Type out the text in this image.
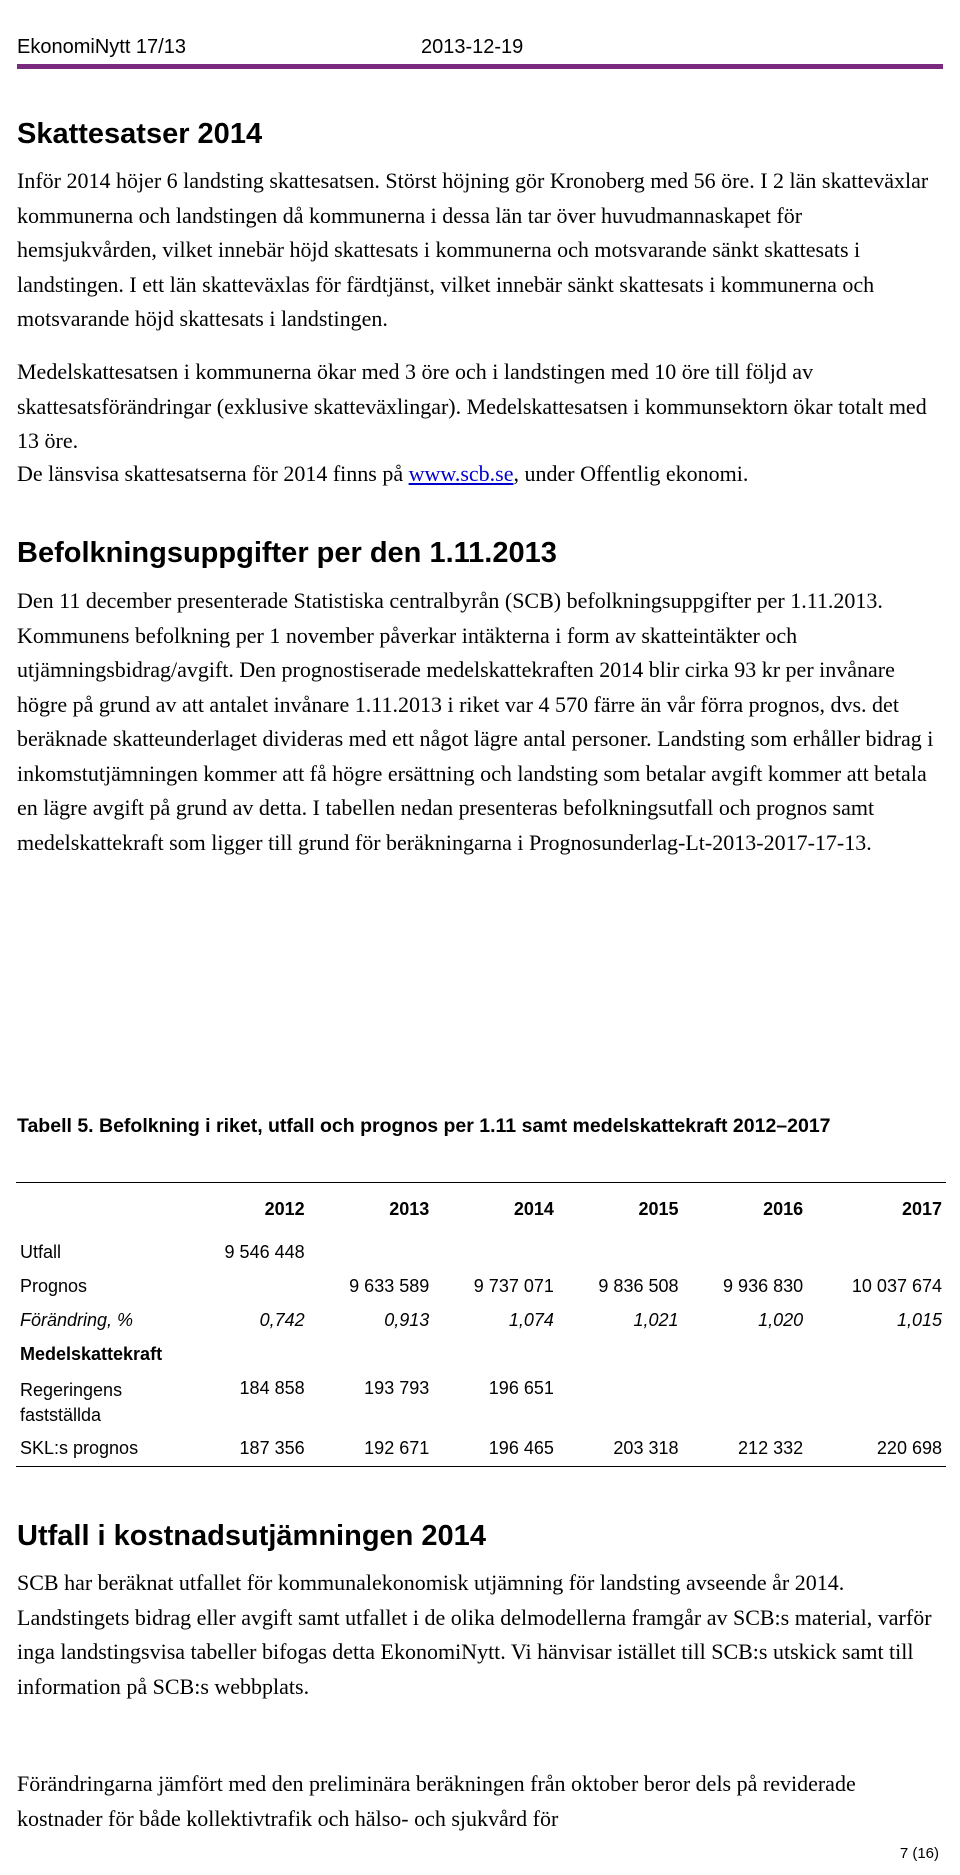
EkonomiNytt 17/13	2013-12-19
Skattesatser 2014

Inför 2014 höjer 6 landsting skattesatsen. Störst höjning gör Kronoberg med 56 öre. I 2 län skatteväxlar kommunerna och landstingen då kommunerna i dessa län tar över huvudmannaskapet för hemsjukvården, vilket innebär höjd skattesats i kommunerna och motsvarande sänkt skattesats i landstingen. I ett län skatteväxlas för färdtjänst, vilket innebär sänkt skattesats i kommunerna och motsvarande höjd skattesats i landstingen.

Medelskattesatsen i kommunerna ökar med 3 öre och i landstingen med 10 öre till följd av skattesatsförändringar (exklusive skatteväxlingar). Medelskattesatsen i kommunsektorn ökar totalt med 13 öre.

De länsvisa skattesatserna för 2014 finns på www.scb.se, under Offentlig ekonomi.

Befolkningsuppgifter per den 1.11.2013

Den 11 december presenterade Statistiska centralbyrån (SCB) befolkningsuppgifter per 1.11.2013. Kommunens befolkning per 1 november påverkar intäkterna i form av skatteintäkter och utjämningsbidrag/avgift. Den prognostiserade medelskattekraften 2014 blir cirka 93 kr per invånare högre på grund av att antalet invånare 1.11.2013 i riket var 4 570 färre än vår förra prognos, dvs. det beräknade skatteunderlaget divideras med ett något lägre antal personer. Landsting som erhåller bidrag i inkomstutjämningen kommer att få högre ersättning och landsting som betalar avgift kommer att betala en lägre avgift på grund av detta. I tabellen nedan presenteras befolkningsutfall och prognos samt medelskattekraft som ligger till grund för beräkningarna i Prognosunderlag-Lt-2013-2017-17-13.

Tabell 5. Befolkning i riket, utfall och prognos per 1.11 samt medelskattekraft 2012–2017
	2012	2013	2014	2015	2016	2017
Utfall	9 546 448					
Prognos		9 633 589	9 737 071	9 836 508	9 936 830	10 037 674
Förändring, %	0,742	0,913	1,074	1,021	1,020	1,015
Medelskattekraft						
Regeringens fastställda	184 858	193 793	196 651			
SKL:s prognos	187 356	192 671	196 465	203 318	212 332	220 698
Utfall i kostnadsutjämningen 2014

SCB har beräknat utfallet för kommunalekonomisk utjämning för landsting avseende år 2014. Landstingets bidrag eller avgift samt utfallet i de olika delmodellerna framgår av SCB:s material, varför inga landstingsvisa tabeller bifogas detta EkonomiNytt. Vi hänvisar istället till SCB:s utskick samt till information på SCB:s webbplats.

Förändringarna jämfört med den preliminära beräkningen från oktober beror dels på reviderade kostnader för både kollektivtrafik och hälso- och sjukvård för

7 (16)
